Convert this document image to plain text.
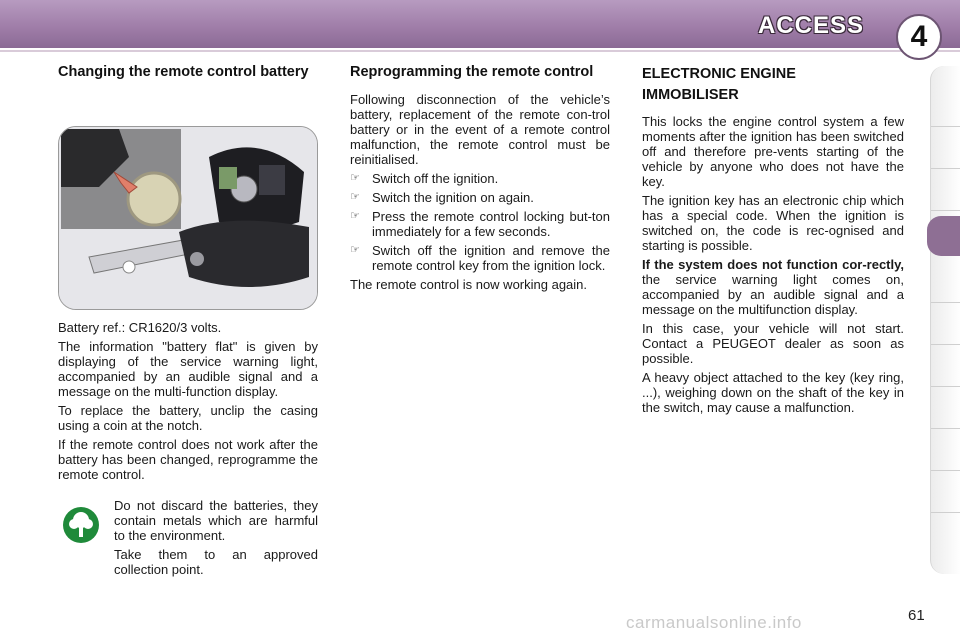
ACCESS	4
Changing the remote control battery

Battery ref.: CR1620/3 volts.

The information "battery flat" is given by displaying of the service warning light, accompanied by an audible signal and a message on the multi-function display.

To replace the battery, unclip the casing using a coin at the notch.

If the remote control does not work after the battery has been changed, reprogramme the remote control.

Do not discard the batteries, they contain metals which are harmful to the environment.

Take them to an approved collection point.

Reprogramming the remote control

Following disconnection of the vehicle’s battery, replacement of the remote con-trol battery or in the event of a remote control malfunction, the remote control must be reinitialised.

☞ Switch off the ignition.
☞ Switch the ignition on again.
☞ Press the remote control locking but-ton immediately for a few seconds.
☞ Switch off the ignition and remove the remote control key from the ignition lock.

The remote control is now working again.

ELECTRONIC ENGINE
IMMOBILISER

This locks the engine control system a few moments after the ignition has been switched off and therefore pre-vents starting of the vehicle by anyone who does not have the key.

The ignition key has an electronic chip which has a special code. When the ignition is switched on, the code is rec-ognised and starting is possible.

If the system does not function cor-rectly, the service warning light comes on, accompanied by an audible signal and a message on the multifunction display.

In this case, your vehicle will not start. Contact a PEUGEOT dealer as soon as possible.

A heavy object attached to the key (key ring, ...), weighing down on the shaft of the key in the switch, may cause a malfunction.

carmanualsonline.info	61
